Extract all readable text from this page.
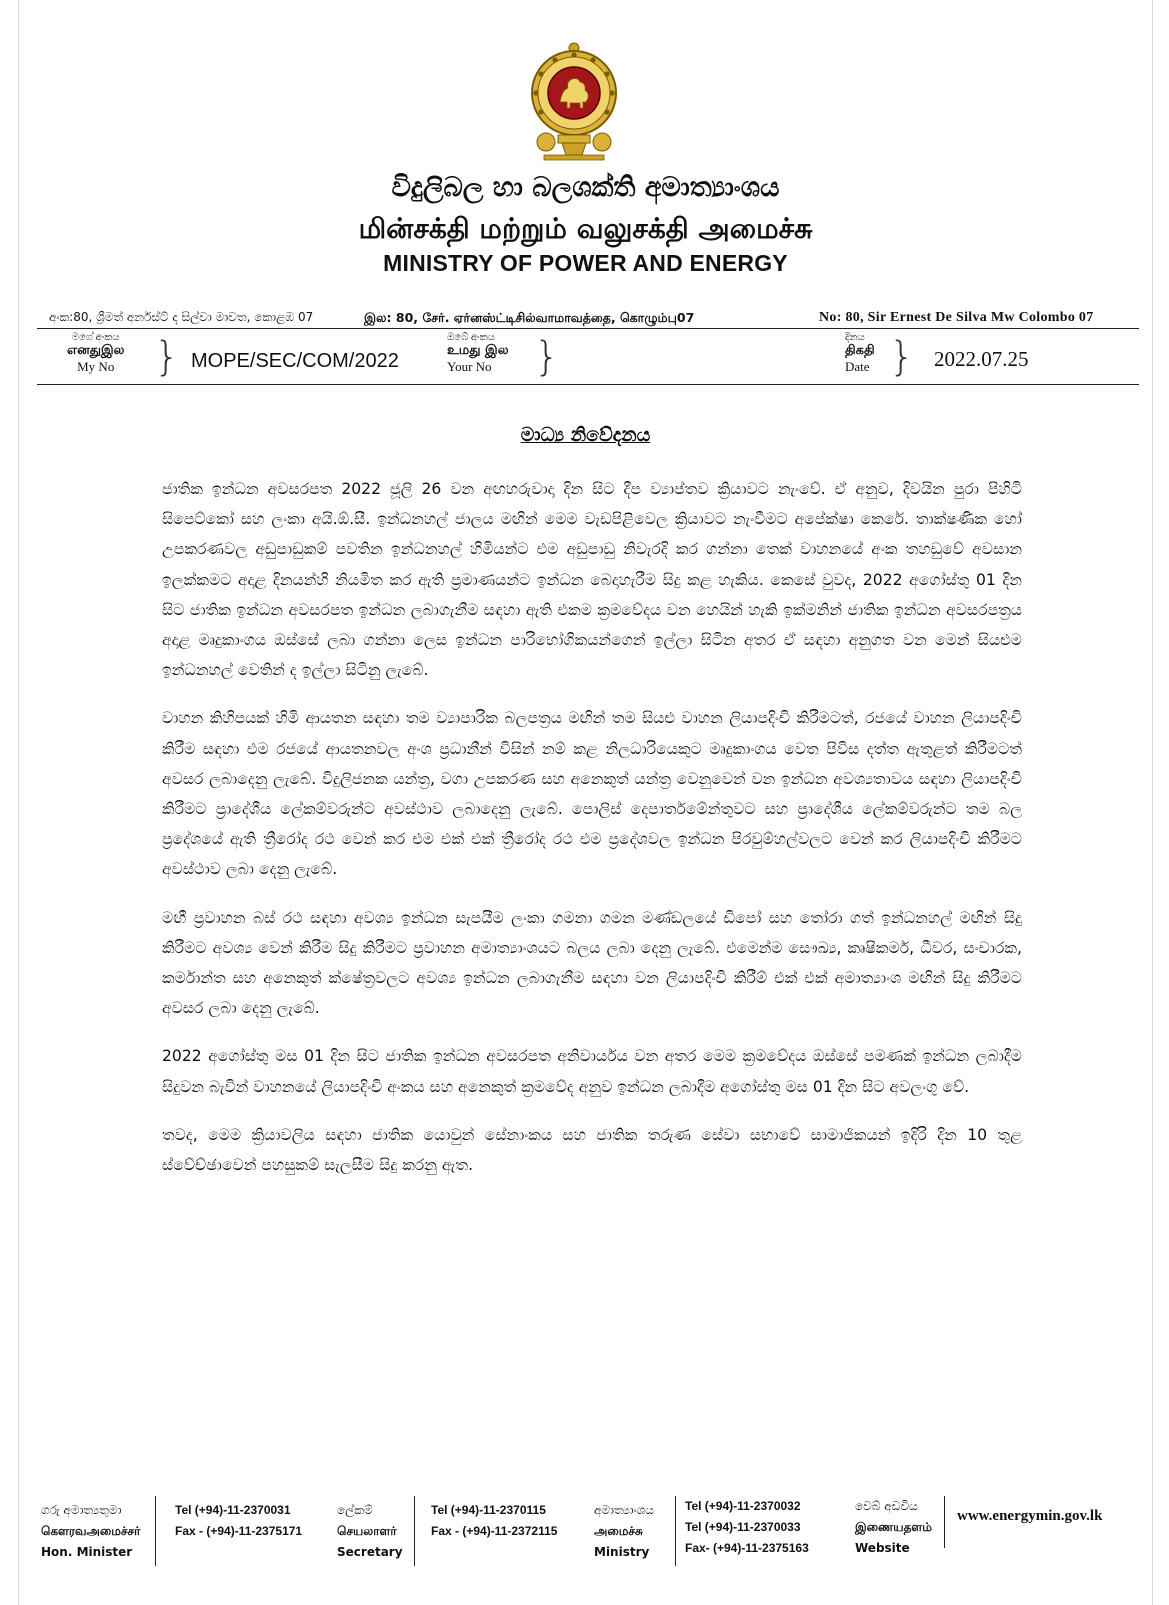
විදුලිබල හා බලශක්ති අමාත්‍යාංශය
மின்சக்தி மற்றும் வலுசக்தி அமைச்சு
MINISTRY OF POWER AND ENERGY
අංක:80, ශ්‍රීමත් අර්නස්ට් ද සිල්වා මාවත, කොළඹ 07	இல: 80, சேர். ஏர்னஸ்ட்டிசில்வாமாவத்தை, கொழும்பு07	No: 80, Sir Ernest De Silva Mw Colombo 07
මගේ අංකය
எனதுஇல
My No } MOPE/SEC/COM/2022
ඔබේ අංකය
உமது இல
Your No	}	දිනය
திகதி
Date } 2022.07.25
මාධ්‍ය නිවේදනය

ජාතික ඉන්ධන අවසරපත 2022 ජූලි 26 වන අඟහරුවාදා දින සිට දීප ව්‍යාප්තව ක්‍රියාවට නැංවේ. ඒ අනුව, දිවයින පුරා පිහිටි සිපෙට්කෝ සහ ලංකා අයි.ඕ.සී. ඉන්ධනහල් ජාලය මඟින් මෙම වැඩපිළිවෙල ක්‍රියාවට නැංවීමට අපේක්ෂා කෙරේ. තාක්ෂණික හෝ උපකරණවල අඩුපාඩුකම් පවතින ඉන්ධනහල් හිමියන්ට එම අඩුපාඩු නිවැරදි කර ගන්නා තෙක් වාහනයේ අංක තහඩුවේ අවසාන ඉලක්කමට අදාළ දිනයන්හි නියමිත කර ඇති ප්‍රමාණයන්ට ඉන්ධන බෙදාහැරීම සිදු කළ හැකිය. කෙසේ වුවද, 2022 අගෝස්තු 01 දින සිට ජාතික ඉන්ධන අවසරපත ඉන්ධන ලබාගැනීම සඳහා ඇති එකම ක්‍රමවේදය වන හෙයින් හැකි ඉක්මනින් ජාතික ඉන්ධන අවසරපත්‍රය අදාළ මෘදුකාංගය ඔස්සේ ලබා ගන්නා ලෙස ඉන්ධන පාරිභෝගිකයන්ගෙන් ඉල්ලා සිටින අතර ඒ සඳහා අනුගත වන මෙන් සියළුම ඉන්ධනහල් වෙතින් ද ඉල්ලා සිටිනු ලැබේ.

වාහන කිහිපයක් හිමි ආයතන සඳහා තම ව්‍යාපාරික බලපත්‍රය මඟින් තම සියළු වාහන ලියාපදිංචි කිරීමටත්, රජයේ වාහන ලියාපදිංචි කිරීම සඳහා එම රජයේ ආයතනවල අංශ ප්‍රධානීන් විසින් නම් කළ නිලධාරියෙකුට මෘදුකාංගය වෙත පිවිස දත්ත ඇතුළත් කිරීමටත් අවසර ලබාදෙනු ලැබේ. විදුලිජනක යන්ත්‍ර, වගා උපකරණ සහ අනෙකුත් යන්ත්‍ර වෙනුවෙන් වන ඉන්ධන අවශ්‍යතාවය සඳහා ලියාපදිංචි කිරීමට ප්‍රාදේශීය ලේකම්වරුන්ට අවස්ථාව ලබාදෙනු ලැබේ. පොලිස් දෙපාර්තමේන්තුවට සහ ප්‍රාදේශීය ලේකම්වරුන්ට තම බල ප්‍රදේශයේ ඇති ත්‍රීරෝද රථ වෙන් කර එම එක් එක් ත්‍රීරෝද රථ එම ප්‍රදේශවල ඉන්ධන පිරවුම්හල්වලට වෙන් කර ලියාපදිංචි කිරීමට අවස්ථාව ලබා දෙනු ලැබේ.

මඟී ප්‍රවාහන බස් රථ සඳහා අවශ්‍ය ඉන්ධන සැපයීම ලංකා ගමනා ගමන මණ්ඩලයේ ඩිපෝ සහ තෝරා ගත් ඉන්ධනහල් මඟින් සිදු කිරීමට අවශ්‍ය වෙන් කිරීම සිදු කිරීමට ප්‍රවාහන අමාත්‍යාංශයට බලය ලබා දෙනු ලැබේ. එමෙන්ම සෞඛ්‍ය, කෘෂිකර්ම, ධීවර, සංචාරක, කර්මාන්ත සහ අනෙකුත් ක්ෂේත්‍රවලට අවශ්‍ය ඉන්ධන ලබාගැනීම සඳහා වන ලියාපදිංචි කිරීම් එක් එක් අමාත්‍යාංශ මඟින් සිදු කිරීමට අවසර ලබා දෙනු ලැබේ.

2022 අගෝස්තු මස 01 දින සිට ජාතික ඉන්ධන අවසරපත අනිවාර්යය වන අතර මෙම ක්‍රමවේදය ඔස්සේ පමණක් ඉන්ධන ලබාදීම සිදුවන බැවින් වාහනයේ ලියාපදිංචි අංකය සහ අනෙකුත් ක්‍රමවේද අනුව ඉන්ධන ලබාදීම අගෝස්තු මස 01 දින සිට අවලංගු වේ.

තවද, මෙම ක්‍රියාවලිය සඳහා ජාතික යොවුන් සේනාංකය සහ ජාතික තරුණ සේවා සභාවේ සාමාජිකයන් ඉදිරි දින 10 තුළ ස්වේච්ඡාවෙන් පහසුකම් සැලසීම සිදු කරනු ඇත.

ගරු අමාත්‍යතුමා
கௌரவஅமைச்சர்
Hon. Minister
Tel (+94)-11-2370031
Fax - (+94)-11-2375171
ලේකම්
செயலாளர்
Secretary
Tel (+94)-11-2370115
Fax - (+94)-11-2372115
අමාත්‍යාංශය
அமைச்சு
Ministry
Tel (+94)-11-2370032
Tel (+94)-11-2370033
Fax- (+94)-11-2375163
වෙබ් අඩවිය
இணையதளம்
Website
www.energymin.gov.lk
